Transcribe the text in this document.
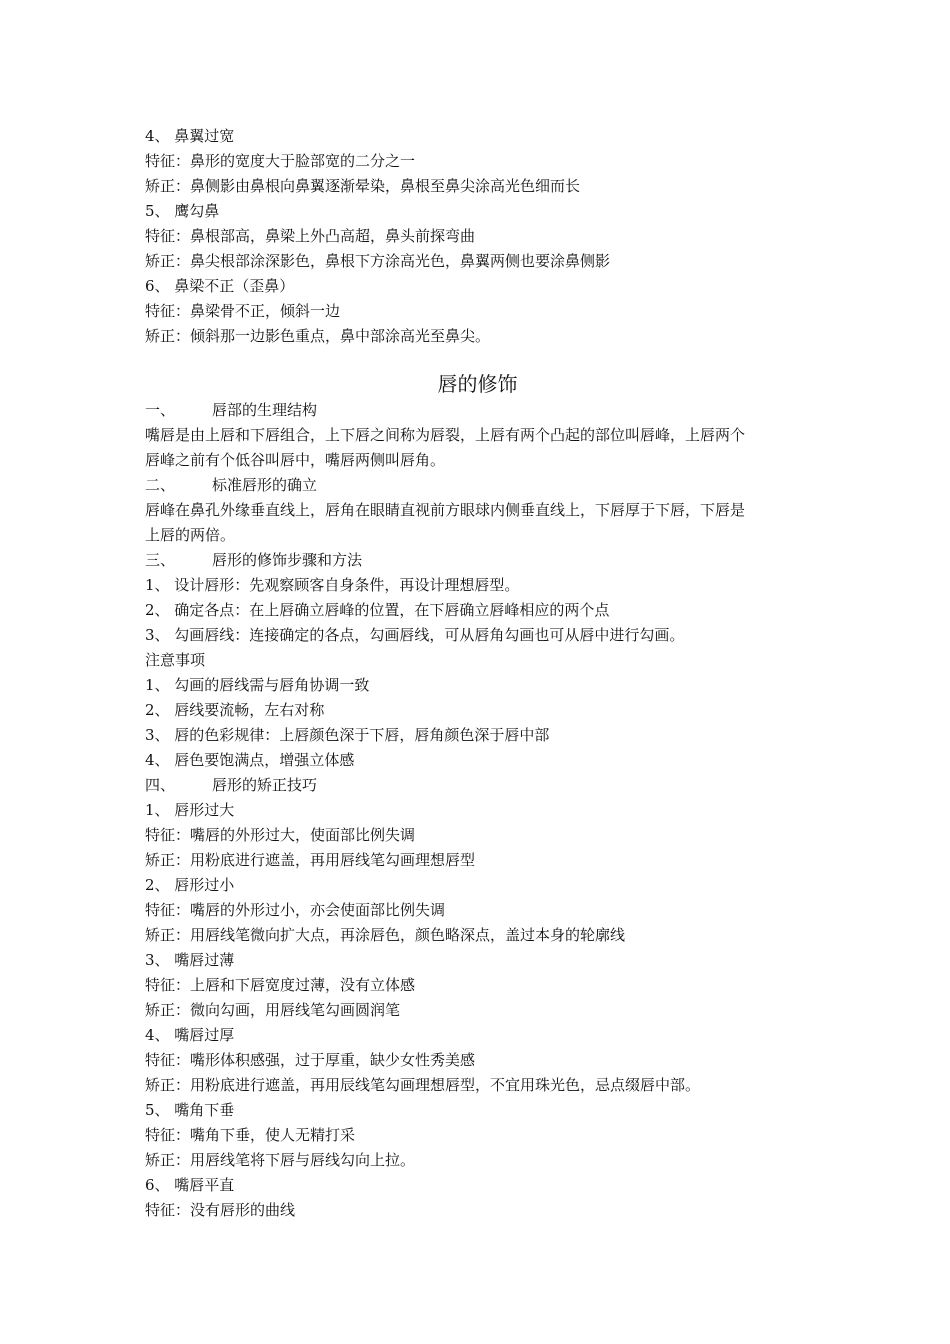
4、 鼻翼过宽
特征：鼻形的宽度大于脸部宽的二分之一
矫正：鼻侧影由鼻根向鼻翼逐渐晕染，鼻根至鼻尖涂高光色细而长
5、 鹰勾鼻
特征：鼻根部高，鼻梁上外凸高超，鼻头前探弯曲
矫正：鼻尖根部涂深影色，鼻根下方涂高光色，鼻翼两侧也要涂鼻侧影
6、 鼻梁不正（歪鼻）
特征：鼻梁骨不正，倾斜一边
矫正：倾斜那一边影色重点，鼻中部涂高光至鼻尖。
唇的修饰
一、 唇部的生理结构
嘴唇是由上唇和下唇组合，上下唇之间称为唇裂，上唇有两个凸起的部位叫唇峰，上唇两个
唇峰之前有个低谷叫唇中，嘴唇两侧叫唇角。
二、 标准唇形的确立
唇峰在鼻孔外缘垂直线上，唇角在眼睛直视前方眼球内侧垂直线上，下唇厚于下唇，下唇是
上唇的两倍。
三、 唇形的修饰步骤和方法
1、 设计唇形：先观察顾客自身条件，再设计理想唇型。
2、 确定各点：在上唇确立唇峰的位置，在下唇确立唇峰相应的两个点
3、 勾画唇线：连接确定的各点，勾画唇线，可从唇角勾画也可从唇中进行勾画。
注意事项
1、 勾画的唇线需与唇角协调一致
2、 唇线要流畅，左右对称
3、 唇的色彩规律：上唇颜色深于下唇，唇角颜色深于唇中部
4、 唇色要饱满点，增强立体感
四、 唇形的矫正技巧
1、 唇形过大
特征：嘴唇的外形过大，使面部比例失调
矫正：用粉底进行遮盖，再用唇线笔勾画理想唇型
2、 唇形过小
特征：嘴唇的外形过小，亦会使面部比例失调
矫正：用唇线笔微向扩大点，再涂唇色，颜色略深点，盖过本身的轮廓线
3、 嘴唇过薄
特征：上唇和下唇宽度过薄，没有立体感
矫正：微向勾画，用唇线笔勾画圆润笔
4、 嘴唇过厚
特征：嘴形体积感强，过于厚重，缺少女性秀美感
矫正：用粉底进行遮盖，再用辰线笔勾画理想唇型，不宜用珠光色，忌点缀唇中部。
5、 嘴角下垂
特征：嘴角下垂，使人无精打采
矫正：用唇线笔将下唇与唇线勾向上拉。
6、 嘴唇平直
特征：没有唇形的曲线
